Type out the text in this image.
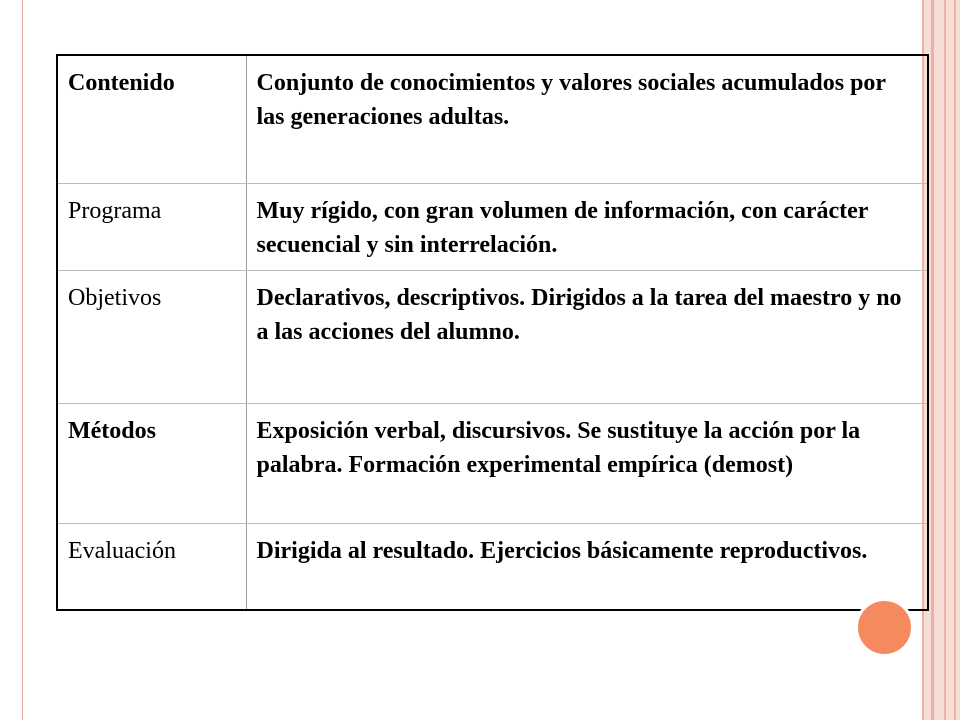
Contenido	Conjunto de conocimientos y valores sociales acumulados por las generaciones adultas.
Programa	Muy rígido, con gran volumen de información, con carácter secuencial y sin interrelación.
Objetivos	Declarativos, descriptivos. Dirigidos a la tarea del maestro y no a las acciones del alumno.
Métodos	Exposición verbal, discursivos. Se sustituye la acción por la palabra. Formación experimental empírica (demost)
Evaluación	Dirigida al resultado. Ejercicios básicamente reproductivos.
